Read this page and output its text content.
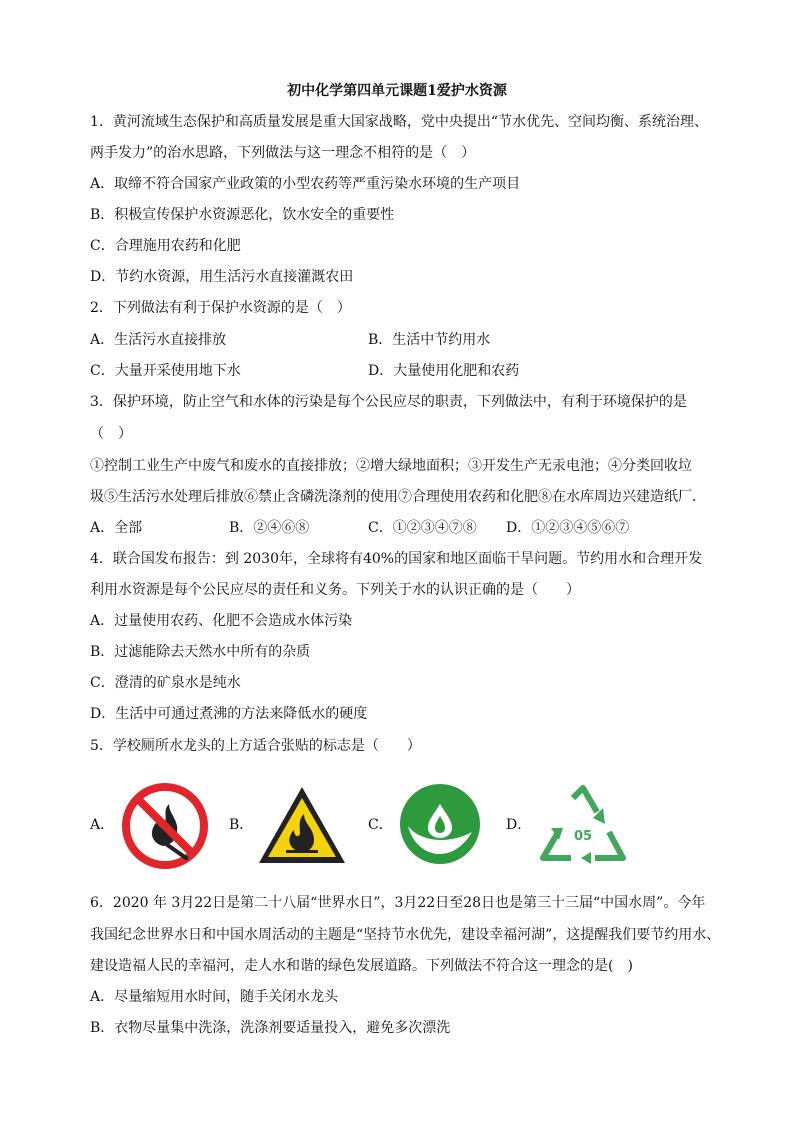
初中化学第四单元课题1爱护水资源
1．黄河流域生态保护和高质量发展是重大国家战略，党中央提出“节水优先、空间均衡、系统治理、
两手发力”的治水思路，下列做法与这一理念不相符的是（　）
A．取缔不符合国家产业政策的小型农药等严重污染水环境的生产项目
B．积极宣传保护水资源恶化，饮水安全的重要性
C．合理施用农药和化肥
D．节约水资源，用生活污水直接灌溉农田
2．下列做法有利于保护水资源的是（　）
A．生活污水直接排放	B．生活中节约用水
C．大量开采使用地下水	D．大量使用化肥和农药
3．保护环境，防止空气和水体的污染是每个公民应尽的职责，下列做法中，有利于环境保护的是
（　）
①控制工业生产中废气和废水的直接排放；②增大绿地面积；③开发生产无汞电池；④分类回收垃
圾⑤生活污水处理后排放⑥禁止含磷洗涤剂的使用⑦合理使用农药和化肥⑧在水库周边兴建造纸厂．
A．全部	B．②④⑥⑧	C．①②③④⑦⑧ D．①②③④⑤⑥⑦
4．联合国发布报告：到 2030年，全球将有40%的国家和地区面临干旱问题。节约用水和合理开发
利用水资源是每个公民应尽的责任和义务。下列关于水的认识正确的是（　　）
A．过量使用农药、化肥不会造成水体污染
B．过滤能除去天然水中所有的杂质
C．澄清的矿泉水是纯水
D．生活中可通过煮沸的方法来降低水的硬度
5．学校厕所水龙头的上方适合张贴的标志是（　　）
A．	B．	C．	D．
05
6．2020 年 3月22日是第二十八届“世界水日”，3月22日至28日也是第三十三届“中国水周”。今年
我国纪念世界水日和中国水周活动的主题是“坚持节水优先，建设幸福河湖”，这提醒我们要节约用水、
建设造福人民的幸福河，走人水和谐的绿色发展道路。下列做法不符合这一理念的是(　)
A．尽量缩短用水时间，随手关闭水龙头
B．衣物尽量集中洗涤，洗涤剂要适量投入，避免多次漂洗
